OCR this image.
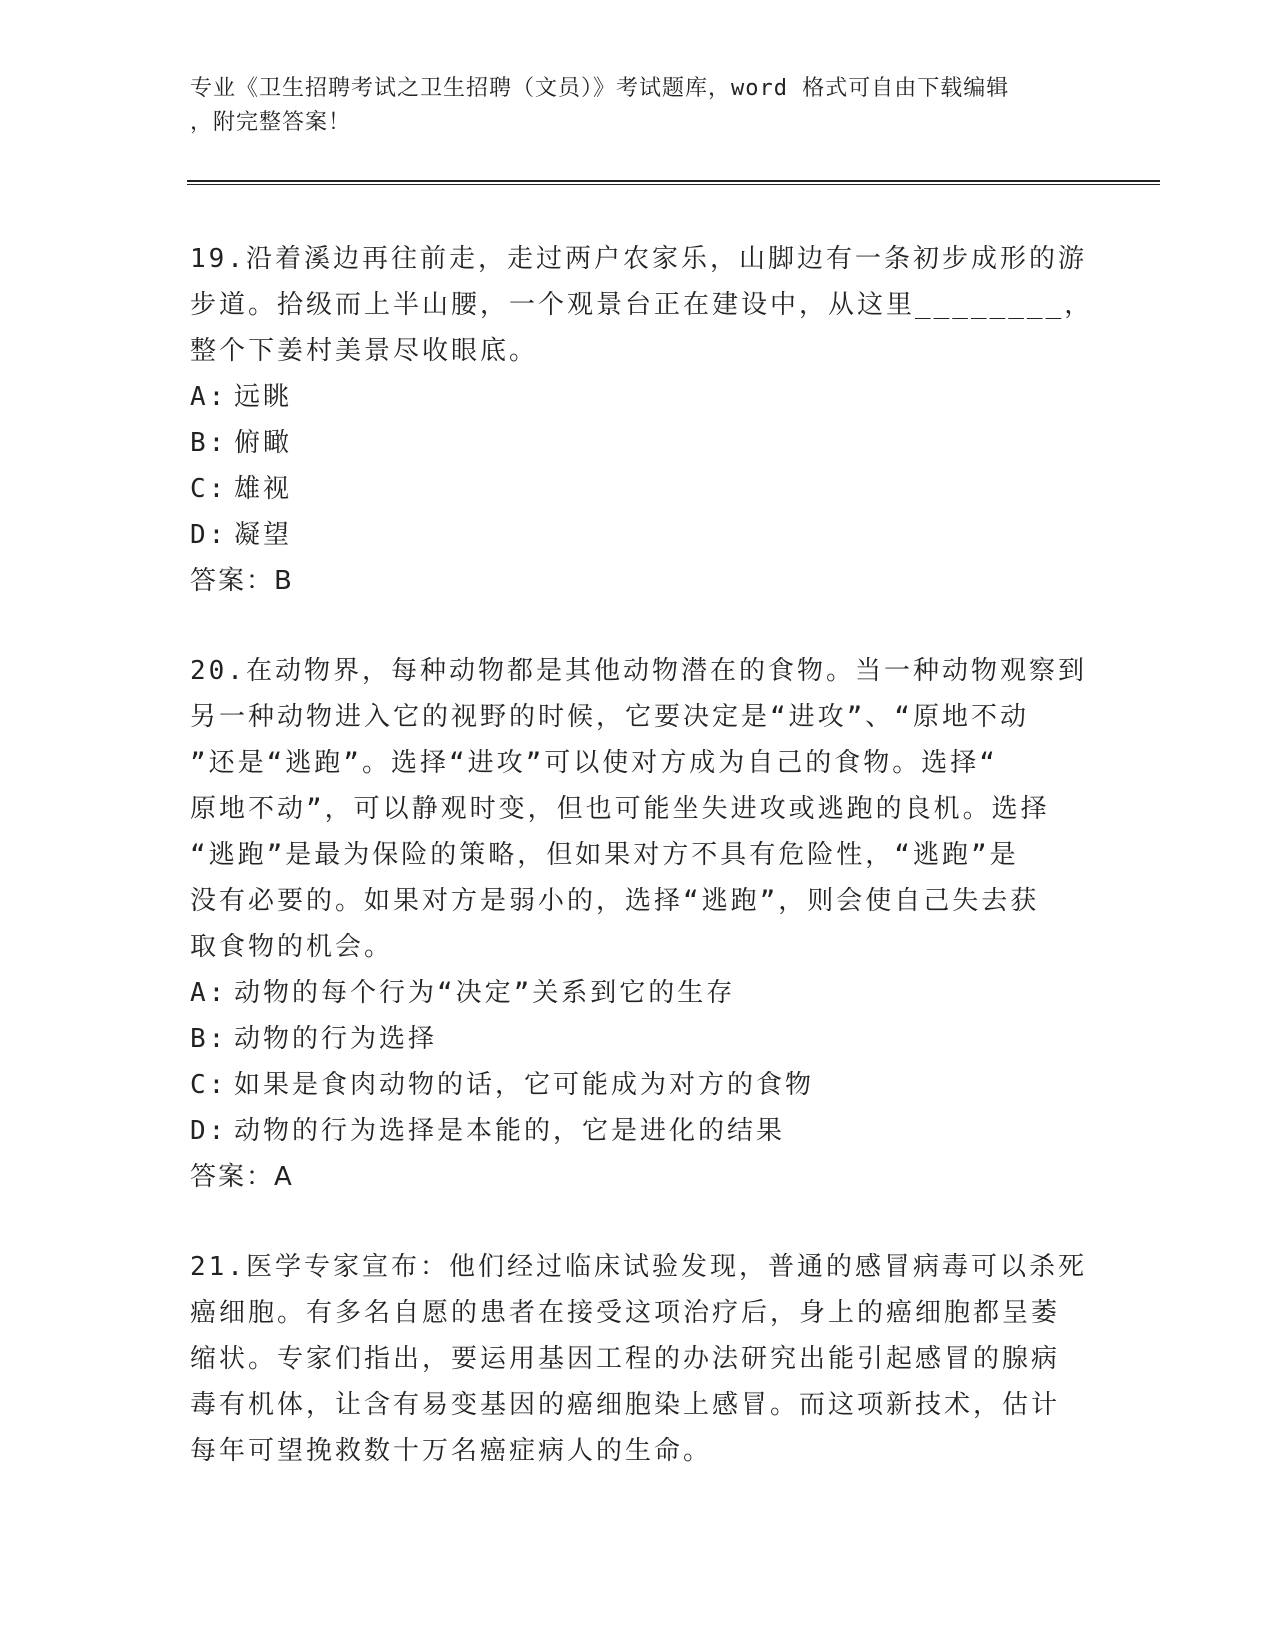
专业《卫生招聘考试之卫生招聘（文员）》考试题库，word 格式可自由下载编辑
，附完整答案！
19.沿着溪边再往前走，走过两户农家乐，山脚边有一条初步成形的游
步道。拾级而上半山腰，一个观景台正在建设中，从这里________，
整个下姜村美景尽收眼底。
A: 远眺
B: 俯瞰
C: 雄视
D: 凝望
答案：B
20.在动物界，每种动物都是其他动物潜在的食物。当一种动物观察到
另一种动物进入它的视野的时候，它要决定是“进攻”、“原地不动
”还是“逃跑”。选择“进攻”可以使对方成为自己的食物。选择“
原地不动”，可以静观时变，但也可能坐失进攻或逃跑的良机。选择
“逃跑”是最为保险的策略，但如果对方不具有危险性，“逃跑”是
没有必要的。如果对方是弱小的，选择“逃跑”，则会使自己失去获
取食物的机会。
A: 动物的每个行为“决定”关系到它的生存
B: 动物的行为选择
C: 如果是食肉动物的话，它可能成为对方的食物
D: 动物的行为选择是本能的，它是进化的结果
答案：A
21.医学专家宣布：他们经过临床试验发现，普通的感冒病毒可以杀死
癌细胞。有多名自愿的患者在接受这项治疗后，身上的癌细胞都呈萎
缩状。专家们指出，要运用基因工程的办法研究出能引起感冒的腺病
毒有机体，让含有易变基因的癌细胞染上感冒。而这项新技术，估计
每年可望挽救数十万名癌症病人的生命。
